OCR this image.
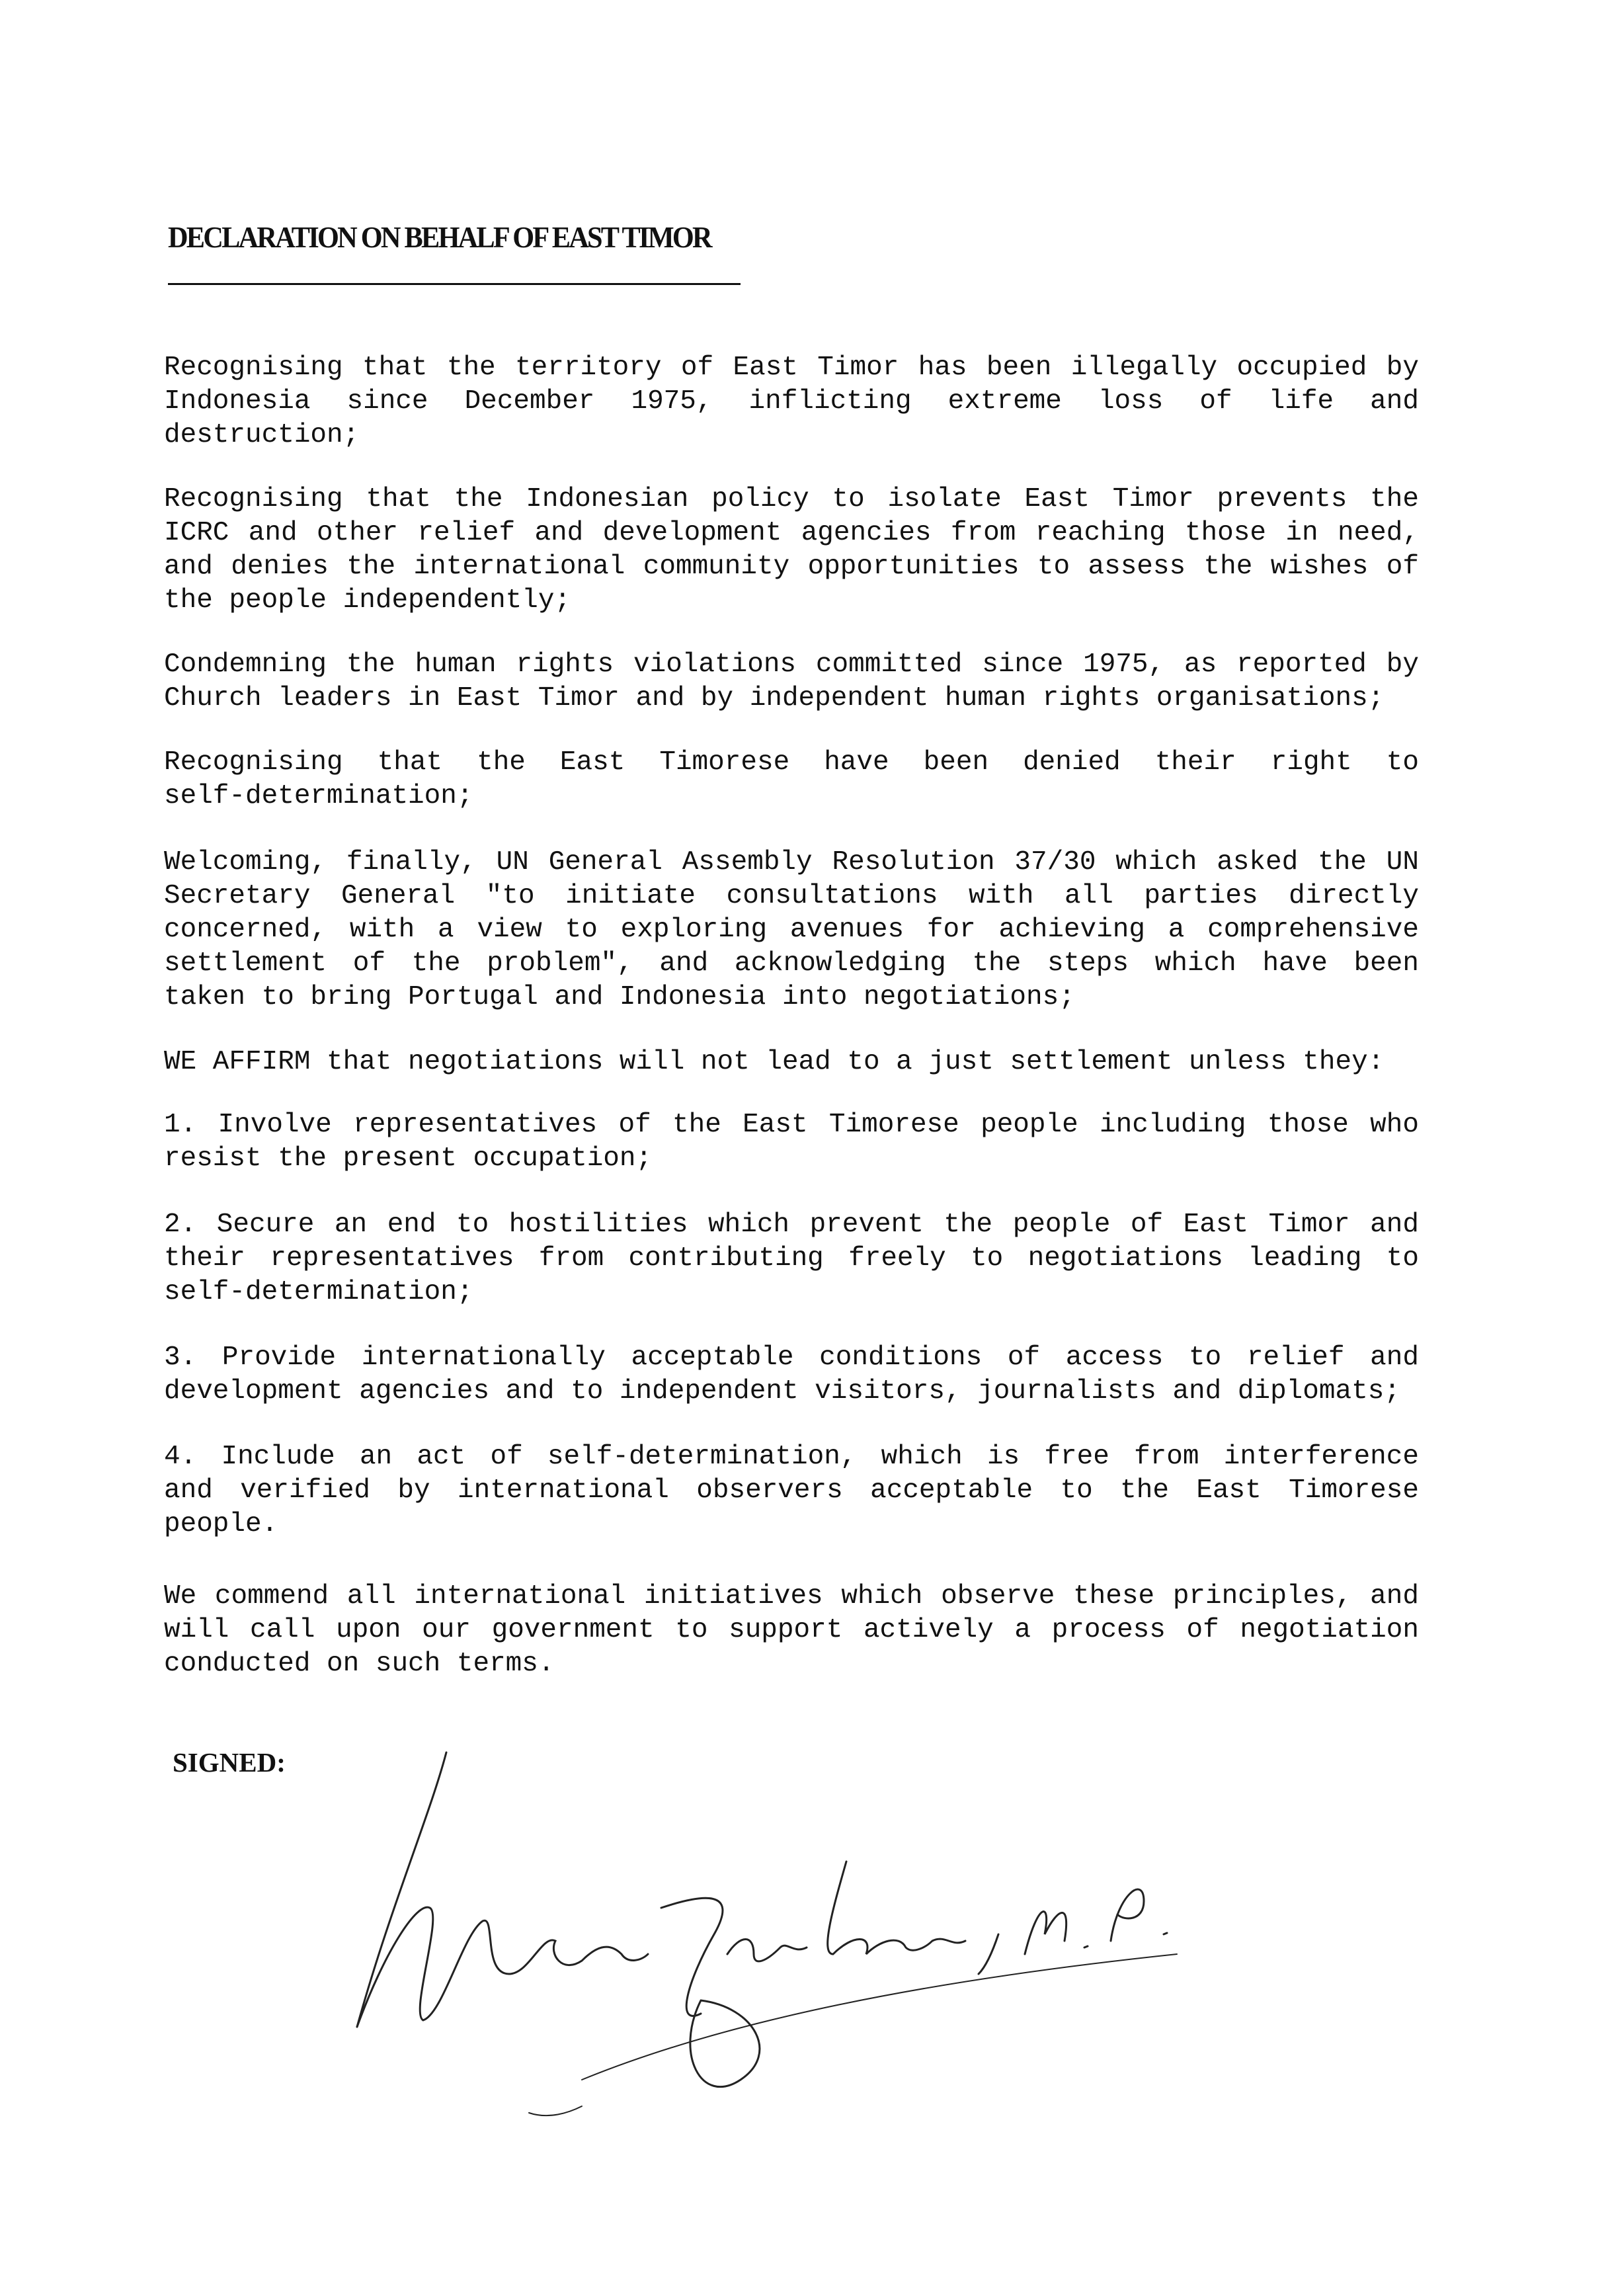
DECLARATION ON BEHALF OF EAST TIMOR
Recognising that the territory of East Timor has been illegally occupied by
Indonesia since December 1975, inflicting extreme loss of life and
destruction;
Recognising that the Indonesian policy to isolate East Timor prevents the
ICRC and other relief and development agencies from reaching those in need,
and denies the international community opportunities to assess the wishes of
the people independently;
Condemning the human rights violations committed since 1975, as reported by
Church leaders in East Timor and by independent human rights organisations;
Recognising that the East Timorese have been denied their right to
self-determination;
Welcoming, finally, UN General Assembly Resolution 37/30 which asked the UN
Secretary General "to initiate consultations with all parties directly
concerned, with a view to exploring avenues for achieving a comprehensive
settlement of the problem", and acknowledging the steps which have been
taken to bring Portugal and Indonesia into negotiations;
WE AFFIRM that negotiations will not lead to a just settlement unless they:
1. Involve representatives of the East Timorese people including those who
resist the present occupation;
2. Secure an end to hostilities which prevent the people of East Timor and
their representatives from contributing freely to negotiations leading to
self-determination;
3. Provide internationally acceptable conditions of access to relief and
development agencies and to independent visitors, journalists and diplomats;
4. Include an act of self-determination, which is free from interference
and verified by international observers acceptable to the East Timorese
people.
We commend all international initiatives which observe these principles, and
will call upon our government to support actively a process of negotiation
conducted on such terms.
SIGNED:
